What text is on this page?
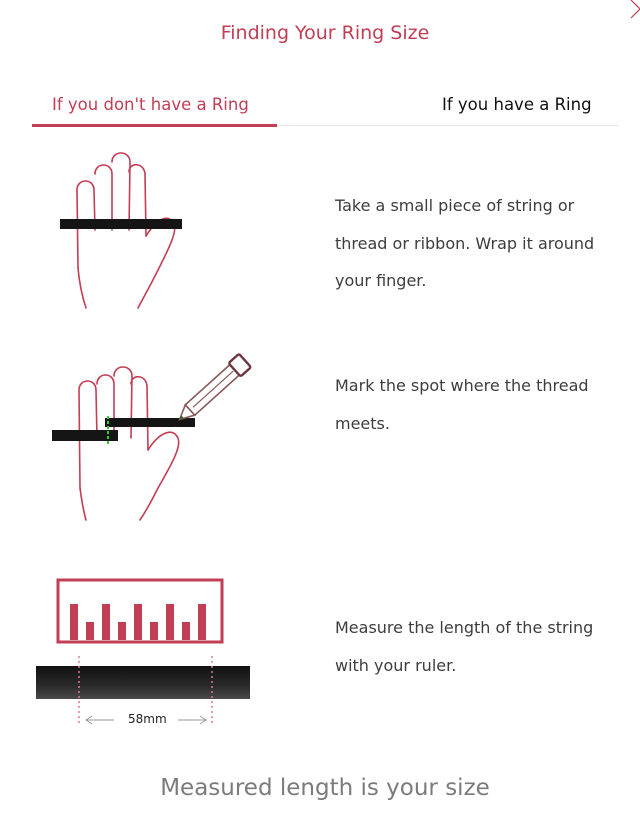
Finding Your Ring Size
If you don't have a Ring	If you have a Ring
Take a small piece of string or thread or ribbon. Wrap it around your finger.
Mark the spot where the thread meets.
58mm
Measure the length of the string with your ruler.
Measured length is your size
